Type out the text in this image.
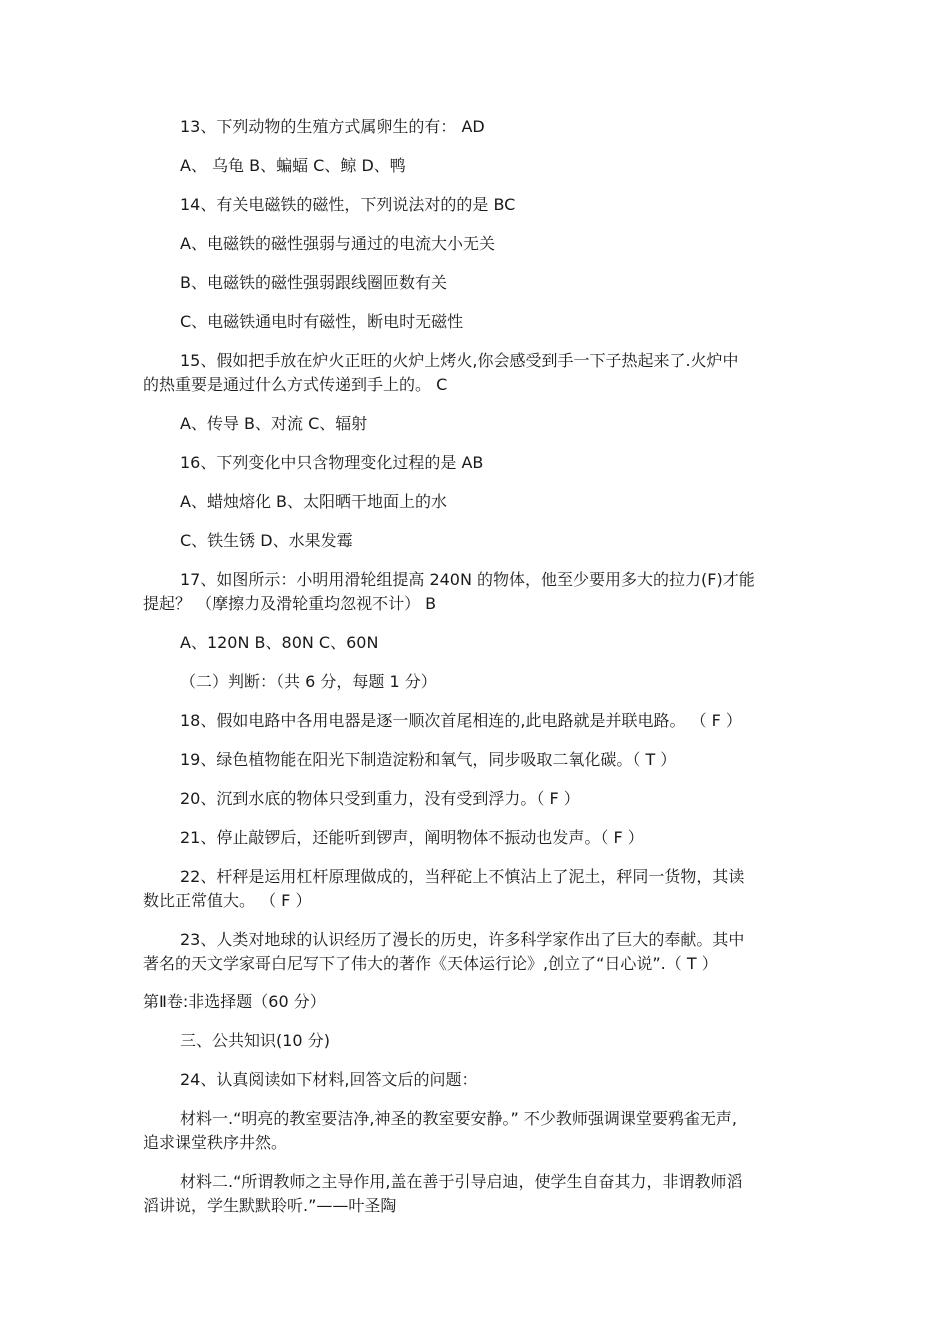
13、下列动物的生殖方式属卵生的有： AD
A、 乌龟 B、蝙蝠 C、鲸 D、鸭
14、有关电磁铁的磁性，下列说法对的的是 BC
A、电磁铁的磁性强弱与通过的电流大小无关
B、电磁铁的磁性强弱跟线圈匝数有关
C、电磁铁通电时有磁性，断电时无磁性
15、假如把手放在炉火正旺的火炉上烤火,你会感受到手一下子热起来了.火炉中
的热重要是通过什么方式传递到手上的。 C
A、传导 B、对流 C、辐射
16、下列变化中只含物理变化过程的是 AB
A、蜡烛熔化 B、太阳晒干地面上的水
C、铁生锈 D、水果发霉
17、如图所示：小明用滑轮组提高 240N 的物体，他至少要用多大的拉力(F)才能
提起？ （摩擦力及滑轮重均忽视不计） B
A、120N B、80N C、60N
（二）判断：（共 6 分，每题 1 分）
18、假如电路中各用电器是逐一顺次首尾相连的,此电路就是并联电路。 （ F ）
19、绿色植物能在阳光下制造淀粉和氧气，同步吸取二氧化碳。（ T ）
20、沉到水底的物体只受到重力，没有受到浮力。（ F ）
21、停止敲锣后，还能听到锣声，阐明物体不振动也发声。（ F ）
22、杆秤是运用杠杆原理做成的，当秤砣上不慎沾上了泥土，秤同一货物，其读
数比正常值大。 （ F ）
23、人类对地球的认识经历了漫长的历史，许多科学家作出了巨大的奉献。其中
著名的天文学家哥白尼写下了伟大的著作《天体运行论》,创立了“日心说”.（ T ）
第Ⅱ卷:非选择题（60 分）
三、公共知识(10 分)
24、认真阅读如下材料,回答文后的问题：
材料一.“明亮的教室要洁净,神圣的教室要安静。” 不少教师强调课堂要鸦雀无声,
追求课堂秩序井然。
材料二.“所谓教师之主导作用,盖在善于引导启迪，使学生自奋其力，非谓教师滔
滔讲说，学生默默聆听.”——叶圣陶
